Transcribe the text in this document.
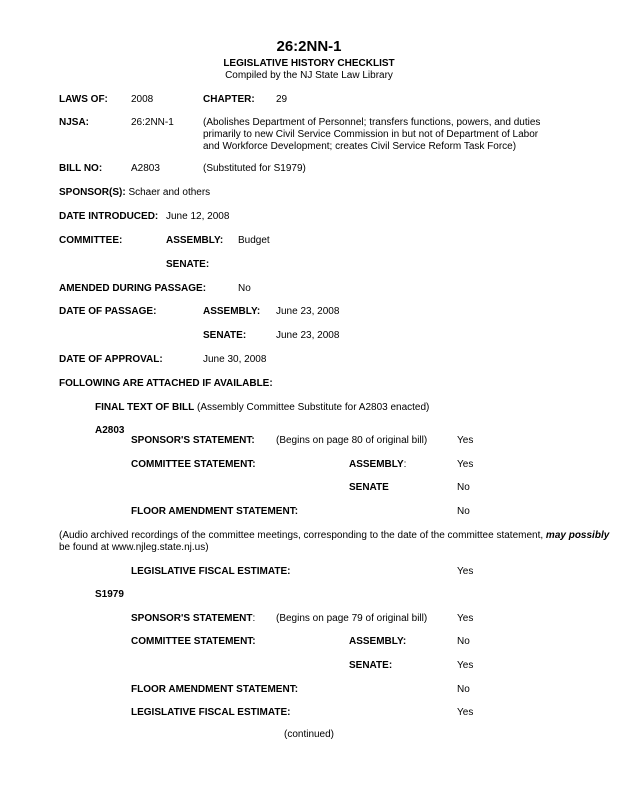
26:2NN-1
LEGISLATIVE HISTORY CHECKLIST
Compiled by the NJ State Law Library
LAWS OF: 2008	CHAPTER: 29
NJSA:	26:2NN-1	(Abolishes Department of Personnel; transfers functions, powers, and duties
primarily to new Civil Service Commission in but not of Department of Labor
and Workforce Development; creates Civil Service Reform Task Force)
BILL NO:	A2803	(Substituted for S1979)
SPONSOR(S): Schaer and others
DATE INTRODUCED: June 12, 2008
COMMITTEE:	ASSEMBLY: Budget
SENATE:
AMENDED DURING PASSAGE:	No
DATE OF PASSAGE:	ASSEMBLY: June 23, 2008
SENATE:	June 23, 2008
DATE OF APPROVAL:	June 30, 2008
FOLLOWING ARE ATTACHED IF AVAILABLE:
FINAL TEXT OF BILL (Assembly Committee Substitute for A2803 enacted)
A2803
SPONSOR'S STATEMENT: (Begins on page 80 of original bill)	Yes
COMMITTEE STATEMENT:	ASSEMBLY:	Yes
SENATE	No
FLOOR AMENDMENT STATEMENT:	No
(Audio archived recordings of the committee meetings, corresponding to the date of the committee statement, may possibly
be found at www.njleg.state.nj.us)
LEGISLATIVE FISCAL ESTIMATE:	Yes
S1979
SPONSOR'S STATEMENT: (Begins on page 79 of original bill)	Yes
COMMITTEE STATEMENT:	ASSEMBLY:	No
SENATE:	Yes
FLOOR AMENDMENT STATEMENT:	No
LEGISLATIVE FISCAL ESTIMATE:	Yes
(continued)
